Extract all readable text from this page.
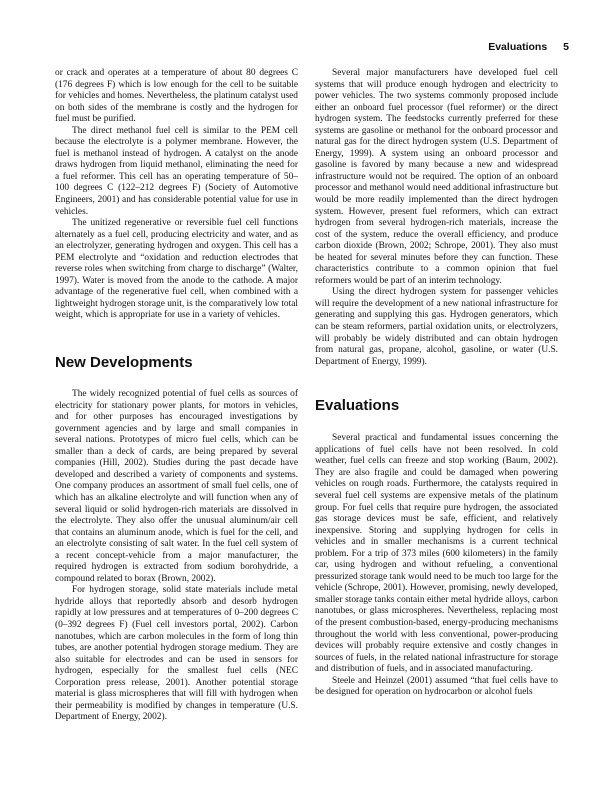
Evaluations 5

or crack and operates at a temperature of about 80 degrees C (176 degrees F) which is low enough for the cell to be suitable for vehicles and homes. Nevertheless, the platinum catalyst used on both sides of the membrane is costly and the hydrogen for fuel must be purified.

The direct methanol fuel cell is similar to the PEM cell because the electrolyte is a polymer membrane. However, the fuel is methanol instead of hydrogen. A catalyst on the anode draws hydrogen from liquid methanol, eliminating the need for a fuel reformer. This cell has an operating temperature of 50–100 degrees C (122–212 degrees F) (Society of Automotive Engineers, 2001) and has considerable potential value for use in vehicles.

The unitized regenerative or reversible fuel cell functions alternately as a fuel cell, producing electricity and water, and as an electrolyzer, generating hydrogen and oxygen. This cell has a PEM electrolyte and “oxidation and reduction electrodes that reverse roles when switching from charge to discharge” (Walter, 1997). Water is moved from the anode to the cathode. A major advantage of the regenerative fuel cell, when combined with a lightweight hydrogen storage unit, is the comparatively low total weight, which is appropriate for use in a variety of vehicles.

New Developments

The widely recognized potential of fuel cells as sources of electricity for stationary power plants, for motors in vehicles, and for other purposes has encouraged investigations by government agencies and by large and small companies in several nations. Prototypes of micro fuel cells, which can be smaller than a deck of cards, are being prepared by several companies (Hill, 2002). Studies during the past decade have developed and described a variety of components and systems. One company produces an assortment of small fuel cells, one of which has an alkaline electrolyte and will function when any of several liquid or solid hydrogen-rich materials are dissolved in the electrolyte. They also offer the unusual aluminum/air cell that contains an aluminum anode, which is fuel for the cell, and an electrolyte consisting of salt water. In the fuel cell system of a recent concept-vehicle from a major manufacturer, the required hydrogen is extracted from sodium borohydride, a compound related to borax (Brown, 2002).

For hydrogen storage, solid state materials include metal hydride alloys that reportedly absorb and desorb hydrogen rapidly at low pressures and at temperatures of 0–200 degrees C (0–392 degrees F) (Fuel cell investors portal, 2002). Carbon nanotubes, which are carbon molecules in the form of long thin tubes, are another potential hydrogen storage medium. They are also suitable for electrodes and can be used in sensors for hydrogen, especially for the smallest fuel cells (NEC Corporation press release, 2001). Another potential storage material is glass microspheres that will fill with hydrogen when their permeability is modified by changes in temperature (U.S. Department of Energy, 2002).

Several major manufacturers have developed fuel cell systems that will produce enough hydrogen and electricity to power vehicles. The two systems commonly proposed include either an onboard fuel processor (fuel reformer) or the direct hydrogen system. The feedstocks currently preferred for these systems are gasoline or methanol for the onboard processor and natural gas for the direct hydrogen system (U.S. Department of Energy, 1999). A system using an onboard processor and gasoline is favored by many because a new and widespread infrastructure would not be required. The option of an onboard processor and methanol would need additional infrastructure but would be more readily implemented than the direct hydrogen system. However, present fuel reformers, which can extract hydrogen from several hydrogen-rich materials, increase the cost of the system, reduce the overall efficiency, and produce carbon dioxide (Brown, 2002; Schrope, 2001). They also must be heated for several minutes before they can function. These characteristics contribute to a common opinion that fuel reformers would be part of an interim technology.

Using the direct hydrogen system for passenger vehicles will require the development of a new national infrastructure for generating and supplying this gas. Hydrogen generators, which can be steam reformers, partial oxidation units, or electrolyzers, will probably be widely distributed and can obtain hydrogen from natural gas, propane, alcohol, gasoline, or water (U.S. Department of Energy, 1999).

Evaluations

Several practical and fundamental issues concerning the applications of fuel cells have not been resolved. In cold weather, fuel cells can freeze and stop working (Baum, 2002). They are also fragile and could be damaged when powering vehicles on rough roads. Furthermore, the catalysts required in several fuel cell systems are expensive metals of the platinum group. For fuel cells that require pure hydrogen, the associated gas storage devices must be safe, efficient, and relatively inexpensive. Storing and supplying hydrogen for cells in vehicles and in smaller mechanisms is a current technical problem. For a trip of 373 miles (600 kilometers) in the family car, using hydrogen and without refueling, a conventional pressurized storage tank would need to be much too large for the vehicle (Schrope, 2001). However, promising, newly developed, smaller storage tanks contain either metal hydride alloys, carbon nanotubes, or glass microspheres. Nevertheless, replacing most of the present combustion-based, energy-producing mechanisms throughout the world with less conventional, power-producing devices will probably require extensive and costly changes in sources of fuels, in the related national infrastructure for storage and distribution of fuels, and in associated manufacturing.

Steele and Heinzel (2001) assumed “that fuel cells have to be designed for operation on hydrocarbon or alcohol fuels
